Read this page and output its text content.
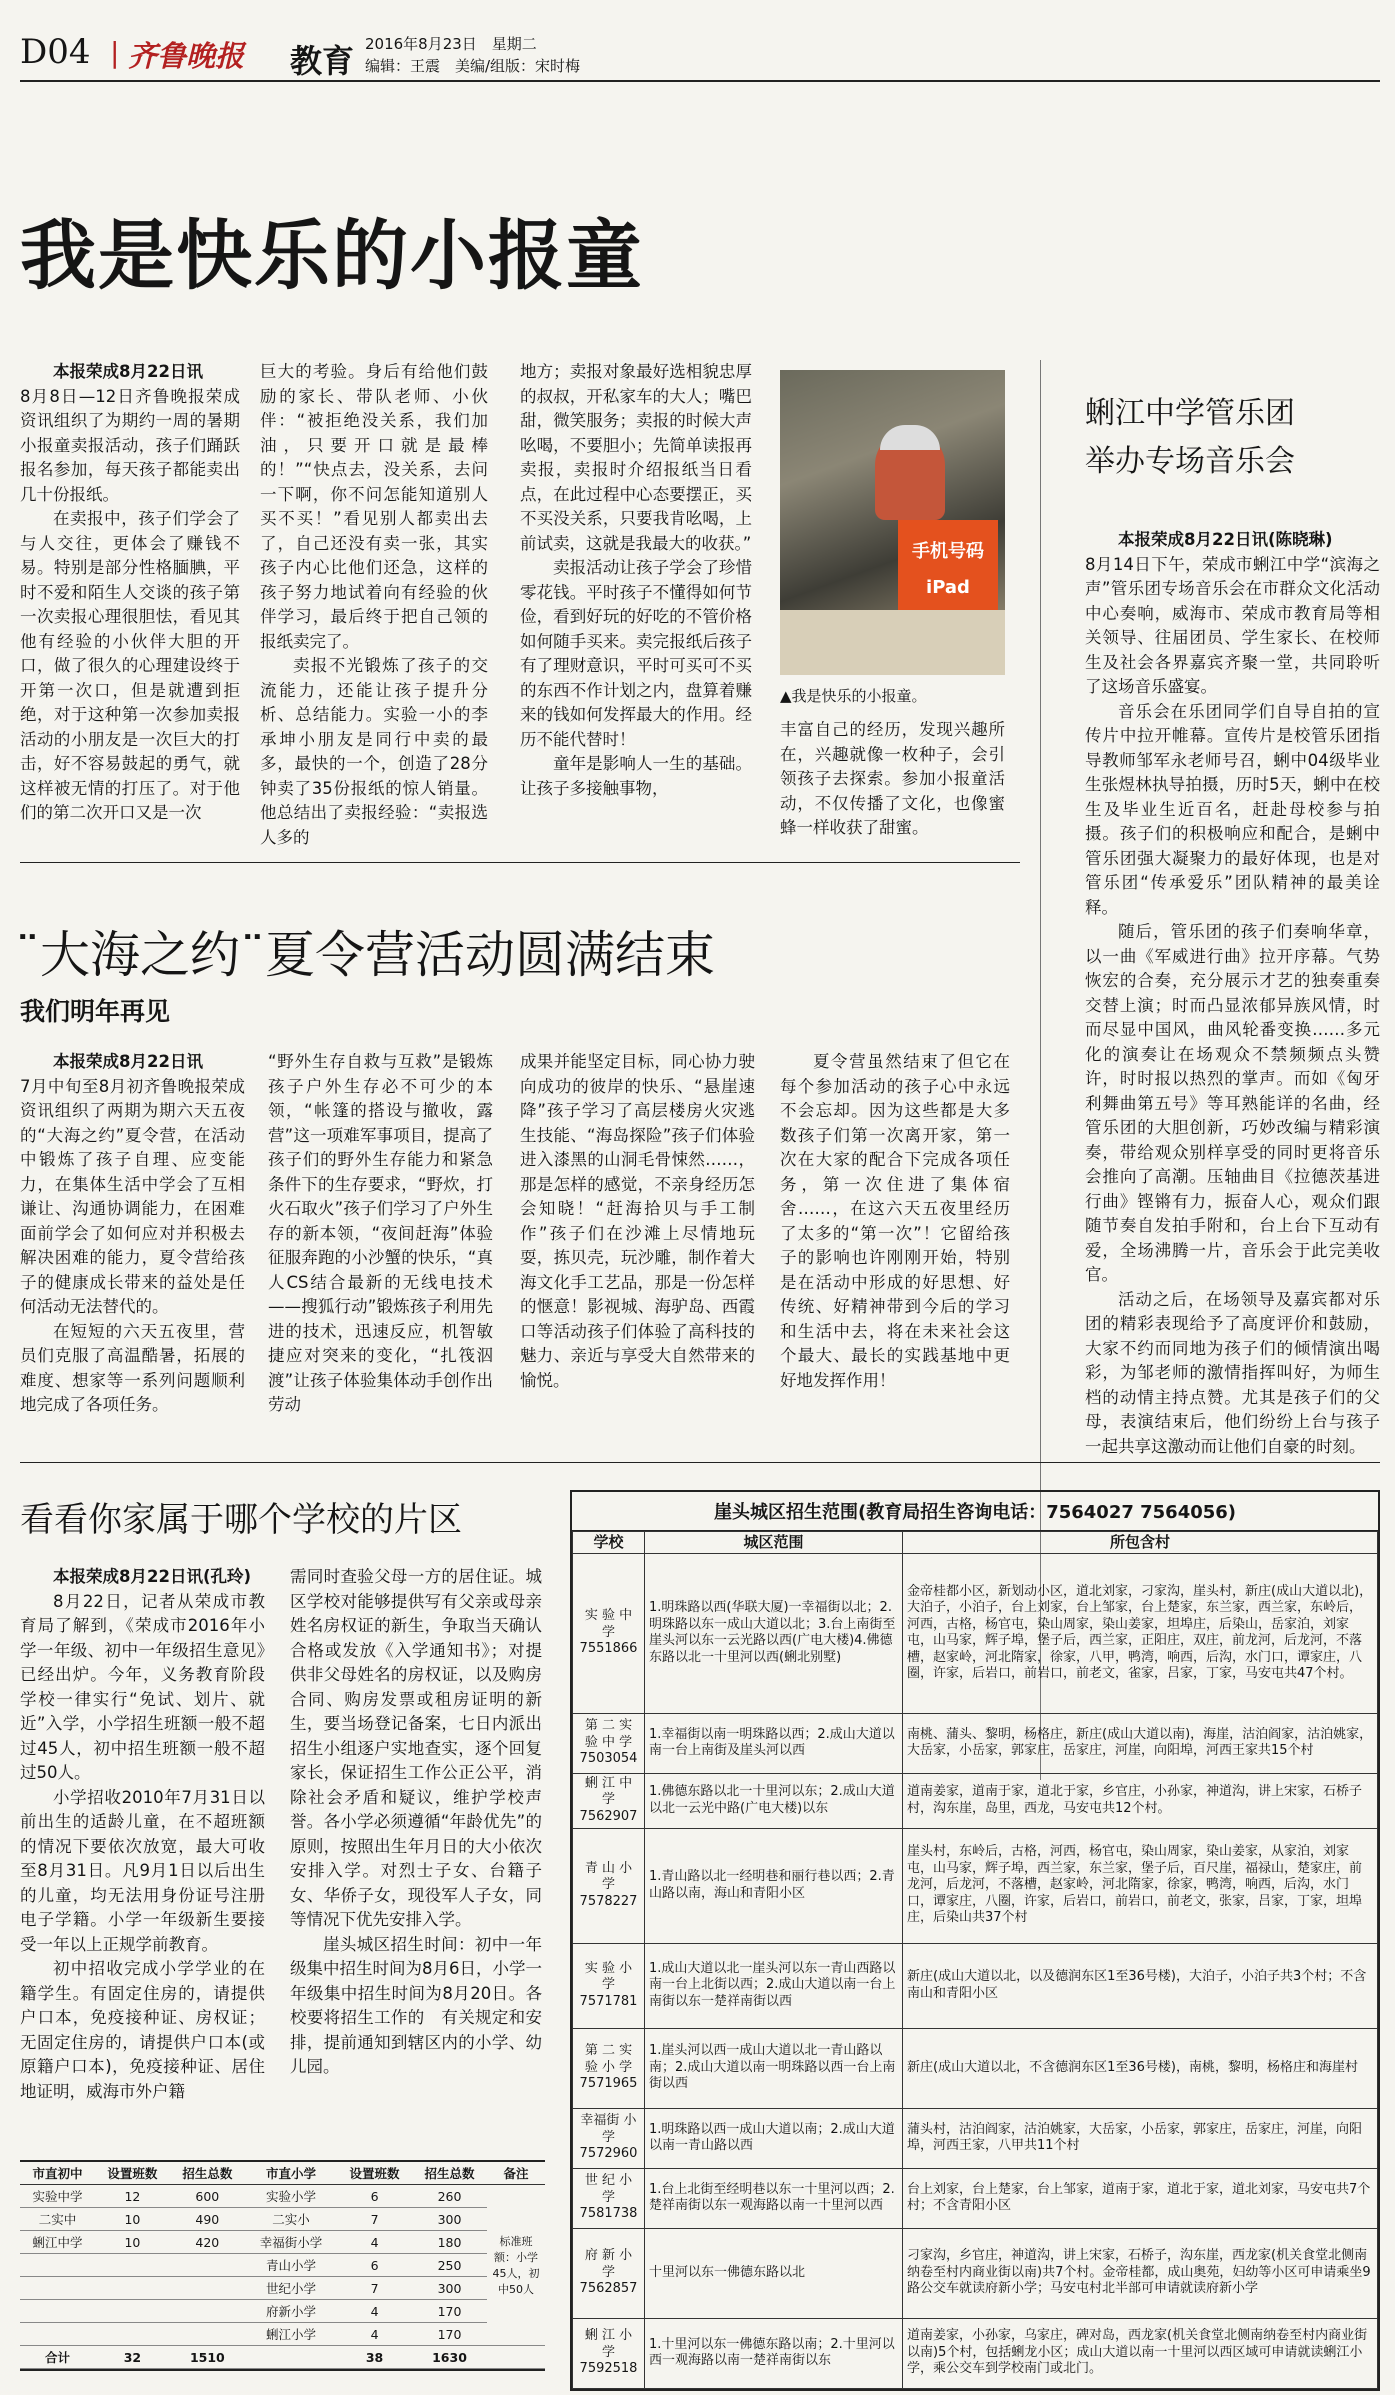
D04 | 齐鲁晚报 教育 2016年8月23日　星期二
编辑：王震　美编/组版：宋时梅
我是快乐的小报童

本报荣成8月22日讯

8月8日—12日齐鲁晚报荣成资讯组织了为期约一周的暑期小报童卖报活动，孩子们踊跃报名参加，每天孩子都能卖出几十份报纸。

在卖报中，孩子们学会了与人交往，更体会了赚钱不易。特别是部分性格腼腆，平时不爱和陌生人交谈的孩子第一次卖报心理很胆怯，看见其他有经验的小伙伴大胆的开口，做了很久的心理建设终于开第一次口，但是就遭到拒绝，对于这种第一次参加卖报活动的小朋友是一次巨大的打击，好不容易鼓起的勇气，就这样被无情的打压了。对于他们的第二次开口又是一次

巨大的考验。身后有给他们鼓励的家长、带队老师、小伙伴：“被拒绝没关系，我们加油，只要开口就是最棒的！”“快点去，没关系，去问一下啊，你不问怎能知道别人买不买！”看见别人都卖出去了，自己还没有卖一张，其实孩子内心比他们还急，这样的孩子努力地试着向有经验的伙伴学习，最后终于把自己领的报纸卖完了。

卖报不光锻炼了孩子的交流能力，还能让孩子提升分析、总结能力。实验一小的李承坤小朋友是同行中卖的最多，最快的一个，创造了28分钟卖了35份报纸的惊人销量。他总结出了卖报经验：“卖报选人多的

地方；卖报对象最好选相貌忠厚的叔叔，开私家车的大人；嘴巴甜，微笑服务；卖报的时候大声吆喝，不要胆小；先简单读报再卖报，卖报时介绍报纸当日看点，在此过程中心态要摆正，买不买没关系，只要我肯吆喝，上前试卖，这就是我最大的收获。”

卖报活动让孩子学会了珍惜零花钱。平时孩子不懂得如何节俭，看到好玩的好吃的不管价格如何随手买来。卖完报纸后孩子有了理财意识，平时可买可不买的东西不作计划之内，盘算着赚来的钱如何发挥最大的作用。经历不能代替时！

童年是影响人一生的基础。让孩子多接触事物，

手机号码
iPad
▲我是快乐的小报童。

丰富自己的经历，发现兴趣所在，兴趣就像一枚种子，会引领孩子去探索。参加小报童活动，不仅传播了文化，也像蜜蜂一样收获了甜蜜。

蜊江中学管乐团
举办专场音乐会

本报荣成8月22日讯(陈晓琳)

8月14日下午，荣成市蜊江中学“滨海之声”管乐团专场音乐会在市群众文化活动中心奏响，威海市、荣成市教育局等相关领导、往届团员、学生家长、在校师生及社会各界嘉宾齐聚一堂，共同聆听了这场音乐盛宴。

音乐会在乐团同学们自导自拍的宣传片中拉开帷幕。宣传片是校管乐团指导教师邹军永老师号召，蜊中04级毕业生张煜林执导拍摄，历时5天，蜊中在校生及毕业生近百名，赶赴母校参与拍摄。孩子们的积极响应和配合，是蜊中管乐团强大凝聚力的最好体现，也是对管乐团“传承爱乐”团队精神的最美诠释。

随后，管乐团的孩子们奏响华章，以一曲《军威进行曲》拉开序幕。气势恢宏的合奏，充分展示才艺的独奏重奏交替上演；时而凸显浓郁异族风情，时而尽显中国风，曲风轮番变换……多元化的演奏让在场观众不禁频频点头赞许，时时报以热烈的掌声。而如《匈牙利舞曲第五号》等耳熟能详的名曲，经管乐团的大胆创新，巧妙改编与精彩演奏，带给观众别样享受的同时更将音乐会推向了高潮。压轴曲目《拉德茨基进行曲》铿锵有力，振奋人心，观众们跟随节奏自发拍手附和，台上台下互动有爱，全场沸腾一片，音乐会于此完美收官。

活动之后，在场领导及嘉宾都对乐团的精彩表现给予了高度评价和鼓励，大家不约而同地为孩子们的倾情演出喝彩，为邹老师的激情指挥叫好，为师生档的动情主持点赞。尤其是孩子们的父母，表演结束后，他们纷纷上台与孩子一起共享这激动而让他们自豪的时刻。

¨大海之约¨夏令营活动圆满结束
我们明年再见

本报荣成8月22日讯

7月中旬至8月初齐鲁晚报荣成资讯组织了两期为期六天五夜的“大海之约”夏令营，在活动中锻炼了孩子自理、应变能力，在集体生活中学会了互相谦让、沟通协调能力，在困难面前学会了如何应对并积极去解决困难的能力，夏令营给孩子的健康成长带来的益处是任何活动无法替代的。

在短短的六天五夜里，营员们克服了高温酷暑，拓展的难度、想家等一系列问题顺利地完成了各项任务。

“野外生存自救与互救”是锻炼孩子户外生存必不可少的本领，“帐篷的搭设与撤收，露营”这一项难军事项目，提高了孩子们的野外生存能力和紧急条件下的生存要求，“野炊，打火石取火”孩子们学习了户外生存的新本领，“夜间赶海”体验征服奔跑的小沙蟹的快乐，“真人CS结合最新的无线电技术——搜狐行动”锻炼孩子利用先进的技术，迅速反应，机智敏捷应对突来的变化，“扎筏泅渡”让孩子体验集体动手创作出劳动

成果并能坚定目标，同心协力驶向成功的彼岸的快乐、“悬崖速降”孩子学习了高层楼房火灾逃生技能、“海岛探险”孩子们体验进入漆黑的山洞毛骨悚然……，那是怎样的感觉，不亲身经历怎会知晓！“赶海拾贝与手工制作”孩子们在沙滩上尽情地玩耍，拣贝壳，玩沙雕，制作着大海文化手工艺品，那是一份怎样的惬意！影视城、海驴岛、西霞口等活动孩子们体验了高科技的魅力、亲近与享受大自然带来的愉悦。

夏令营虽然结束了但它在每个参加活动的孩子心中永远不会忘却。因为这些都是大多数孩子们第一次离开家，第一次在大家的配合下完成各项任务，第一次住进了集体宿舍……，在这六天五夜里经历了太多的“第一次”！它留给孩子的影响也许刚刚开始，特别是在活动中形成的好思想、好传统、好精神带到今后的学习和生活中去，将在未来社会这个最大、最长的实践基地中更好地发挥作用！

看看你家属于哪个学校的片区

本报荣成8月22日讯(孔玲)

8月22日，记者从荣成市教育局了解到，《荣成市2016年小学一年级、初中一年级招生意见》已经出炉。今年，义务教育阶段学校一律实行“免试、划片、就近”入学，小学招生班额一般不超过45人，初中招生班额一般不超过50人。

小学招收2010年7月31日以前出生的适龄儿童，在不超班额的情况下要依次放宽，最大可收至8月31日。凡9月1日以后出生的儿童，均无法用身份证号注册电子学籍。小学一年级新生要接受一年以上正规学前教育。

初中招收完成小学学业的在籍学生。有固定住房的，请提供户口本，免疫接种证、房权证；无固定住房的，请提供户口本(或原籍户口本)，免疫接种证、居住地证明，威海市外户籍

需同时查验父母一方的居住证。城区学校对能够提供写有父亲或母亲姓名房权证的新生，争取当天确认合格或发放《入学通知书》；对提供非父母姓名的房权证，以及购房合同、购房发票或租房证明的新生，要当场登记备案，七日内派出招生小组逐户实地查实，逐个回复家长，保证招生工作公正公平，消除社会矛盾和疑议，维护学校声誉。各小学必须遵循“年龄优先”的原则，按照出生年月日的大小依次安排入学。对烈士子女、台籍子女、华侨子女，现役军人子女，同等情况下优先安排入学。

崖头城区招生时间：初中一年级集中招生时间为8月6日，小学一年级集中招生时间为8月20日。各校要将招生工作的　有关规定和安排，提前通知到辖区内的小学、幼儿园。

市直初中	设置班数	招生总数	市直小学	设置班数	招生总数	备注
实验中学	12	600	实验小学	6	260	标准班额：小学45人，初中50人
二实中	10	490	二实小	7	300	
蜊江中学	10	420	幸福街小学	4	180	
			青山小学	6	250	
			世纪小学	7	300	
			府新小学	4	170	
			蜊江小学	4	170	
合计	32	1510		38	1630	
崖头城区招生范围(教育局招生咨询电话：7564027 7564056)
学校	城区范围	所包含村
实 验 中 学 7551866	1.明珠路以西(华联大厦)一幸福街以北；2.明珠路以东一成山大道以北；3.台上南街至崖头河以东一云光路以西(广电大楼)4.佛德东路以北一十里河以西(蜊北别墅)	金帝桂都小区，新划动小区，道北刘家，刁家沟，崖头村，新庄(成山大道以北)，大泊子，小泊子，台上刘家，台上邹家，台上楚家，东兰家，西兰家，东岭后，河西，古格，杨官屯，染山周家，染山姜家，坦埠庄，后染山，岳家泊，刘家屯，山马家，辉子埠，堡子后，西兰家，正阳庄，双庄，前龙河，后龙河，不落槽，赵家岭，河北隋家，徐家，八甲，鸭湾，响西，后沟，水门口，谭家庄，八圈，许家，后岩口，前岩口，前老文，雀家，吕家，丁家，马安屯共47个村。
第 二 实 验 中 学 7503054	1.幸福街以南一明珠路以西；2.成山大道以南一台上南街及崖头河以西	南桃、蒲头、黎明，杨格庄，新庄(成山大道以南)，海崖，沽泊阎家，沽泊姚家，大岳家，小岳家，郭家庄，岳家庄，河崖，向阳埠，河西王家共15个村
蜊 江 中 学 7562907	1.佛德东路以北一十里河以东；2.成山大道以北一云光中路(广电大楼)以东	道南姜家，道南于家，道北于家，乡官庄，小孙家，神道沟，讲上宋家，石桥子村，沟东崖，岛里，西龙，马安屯共12个村。
青 山 小 学 7578227	1.青山路以北一经明巷和丽行巷以西；2.青山路以南，海山和青阳小区	崖头村，东岭后，古格，河西，杨官屯，染山周家，染山姜家，从家泊，刘家屯，山马家，辉子埠，西兰家，东兰家，堡子后，百尺崖，福禄山，楚家庄，前龙河，后龙河，不落槽，赵家岭，河北隋家，徐家，鸭湾，响西，后沟，水门口，谭家庄，八圈，许家，后岩口，前岩口，前老文，张家，吕家，丁家，坦埠庄，后染山共37个村
实 验 小 学 7571781	1.成山大道以北一崖头河以东一青山西路以南一台上北街以西；2.成山大道以南一台上南街以东一楚祥南街以西	新庄(成山大道以北，以及德润东区1至36号楼)，大泊子，小泊子共3个村；不含南山和青阳小区
第 二 实 验 小 学 7571965	1.崖头河以西一成山大道以北一青山路以南；2.成山大道以南一明珠路以西一台上南街以西	新庄(成山大道以北，不含德润东区1至36号楼)，南桃，黎明，杨格庄和海崖村
幸福街 小学 7572960	1.明珠路以西一成山大道以南；2.成山大道以南一青山路以西	蒲头村，沽泊阎家，沽泊姚家，大岳家，小岳家，郭家庄，岳家庄，河崖，向阳埠，河西王家，八甲共11个村
世 纪 小 学 7581738	1.台上北街至经明巷以东一十里河以西；2.楚祥南街以东一观海路以南一十里河以西	台上刘家，台上楚家，台上邹家，道南于家，道北于家，道北刘家，马安屯共7个村；不含青阳小区
府 新 小 学 7562857	十里河以东一佛德东路以北	刁家沟，乡官庄，神道沟，讲上宋家，石桥子，沟东崖，西龙家(机关食堂北侧南纳卷至村内商业街以南)共7个村。金帝桂都，成山奥苑，妇幼等小区可申请乘坐9路公交车就读府新小学；马安屯村北半部可申请就读府新小学
蜊 江 小 学 7592518	1.十里河以东一佛德东路以南；2.十里河以西一观海路以南一楚祥南街以东	道南姜家，小孙家，乌家庄，碑对岛，西龙家(机关食堂北侧南纳卷至村内商业街以南)5个村，包括蜊龙小区；成山大道以南一十里河以西区域可申请就读蜊江小学，乘公交车到学校南门或北门。
